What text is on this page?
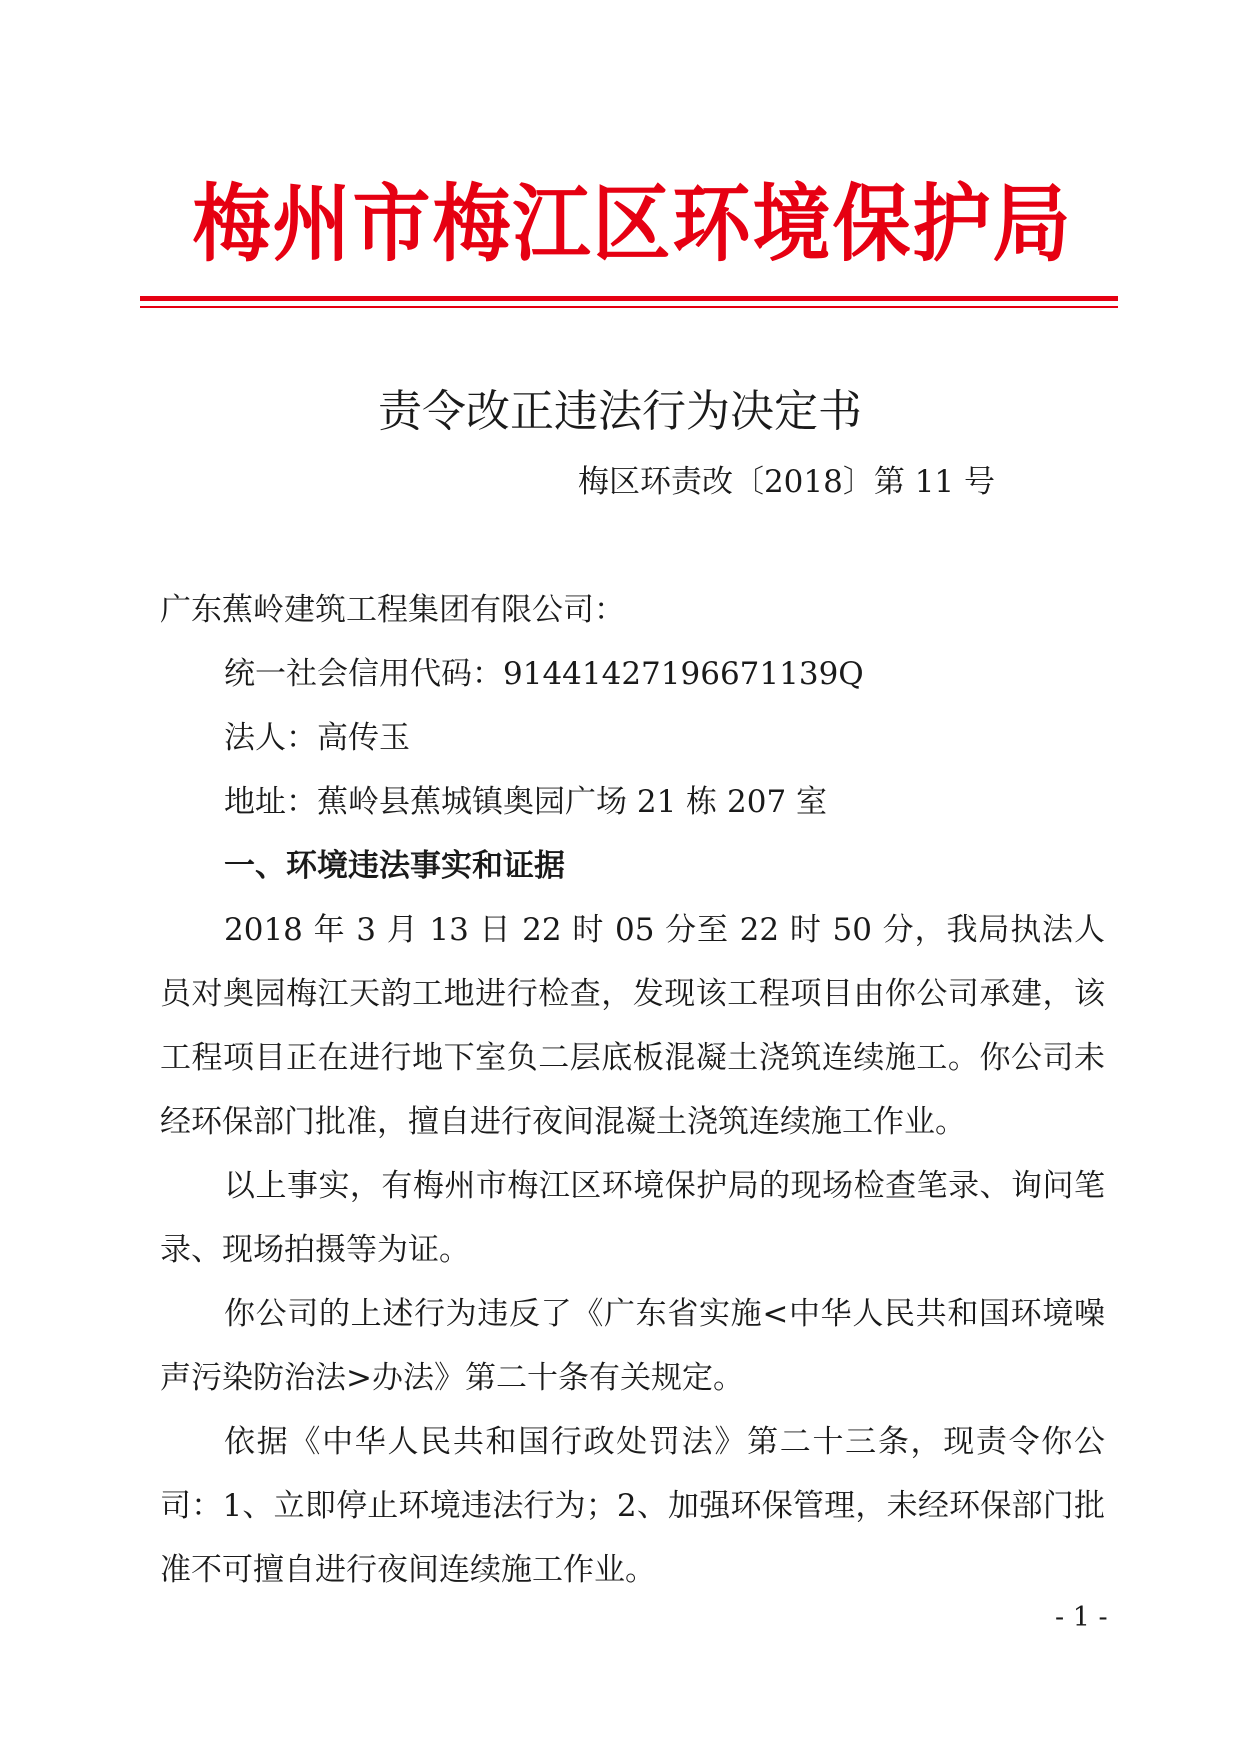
梅州市梅江区环境保护局
责令改正违法行为决定书
梅区环责改〔2018〕第 11 号

广东蕉岭建筑工程集团有限公司：

统一社会信用代码：91441427196671139Q

法人：高传玉

地址：蕉岭县蕉城镇奥园广场 21 栋 207 室

一、环境违法事实和证据

2018 年 3 月 13 日 22 时 05 分至 22 时 50 分，我局执法人员对奥园梅江天韵工地进行检查，发现该工程项目由你公司承建，该工程项目正在进行地下室负二层底板混凝土浇筑连续施工。你公司未经环保部门批准，擅自进行夜间混凝土浇筑连续施工作业。

以上事实，有梅州市梅江区环境保护局的现场检查笔录、询问笔录、现场拍摄等为证。

你公司的上述行为违反了《广东省实施<中华人民共和国环境噪声污染防治法>办法》第二十条有关规定。

依据《中华人民共和国行政处罚法》第二十三条，现责令你公司：1、立即停止环境违法行为；2、加强环保管理，未经环保部门批准不可擅自进行夜间连续施工作业。

- 1 -
